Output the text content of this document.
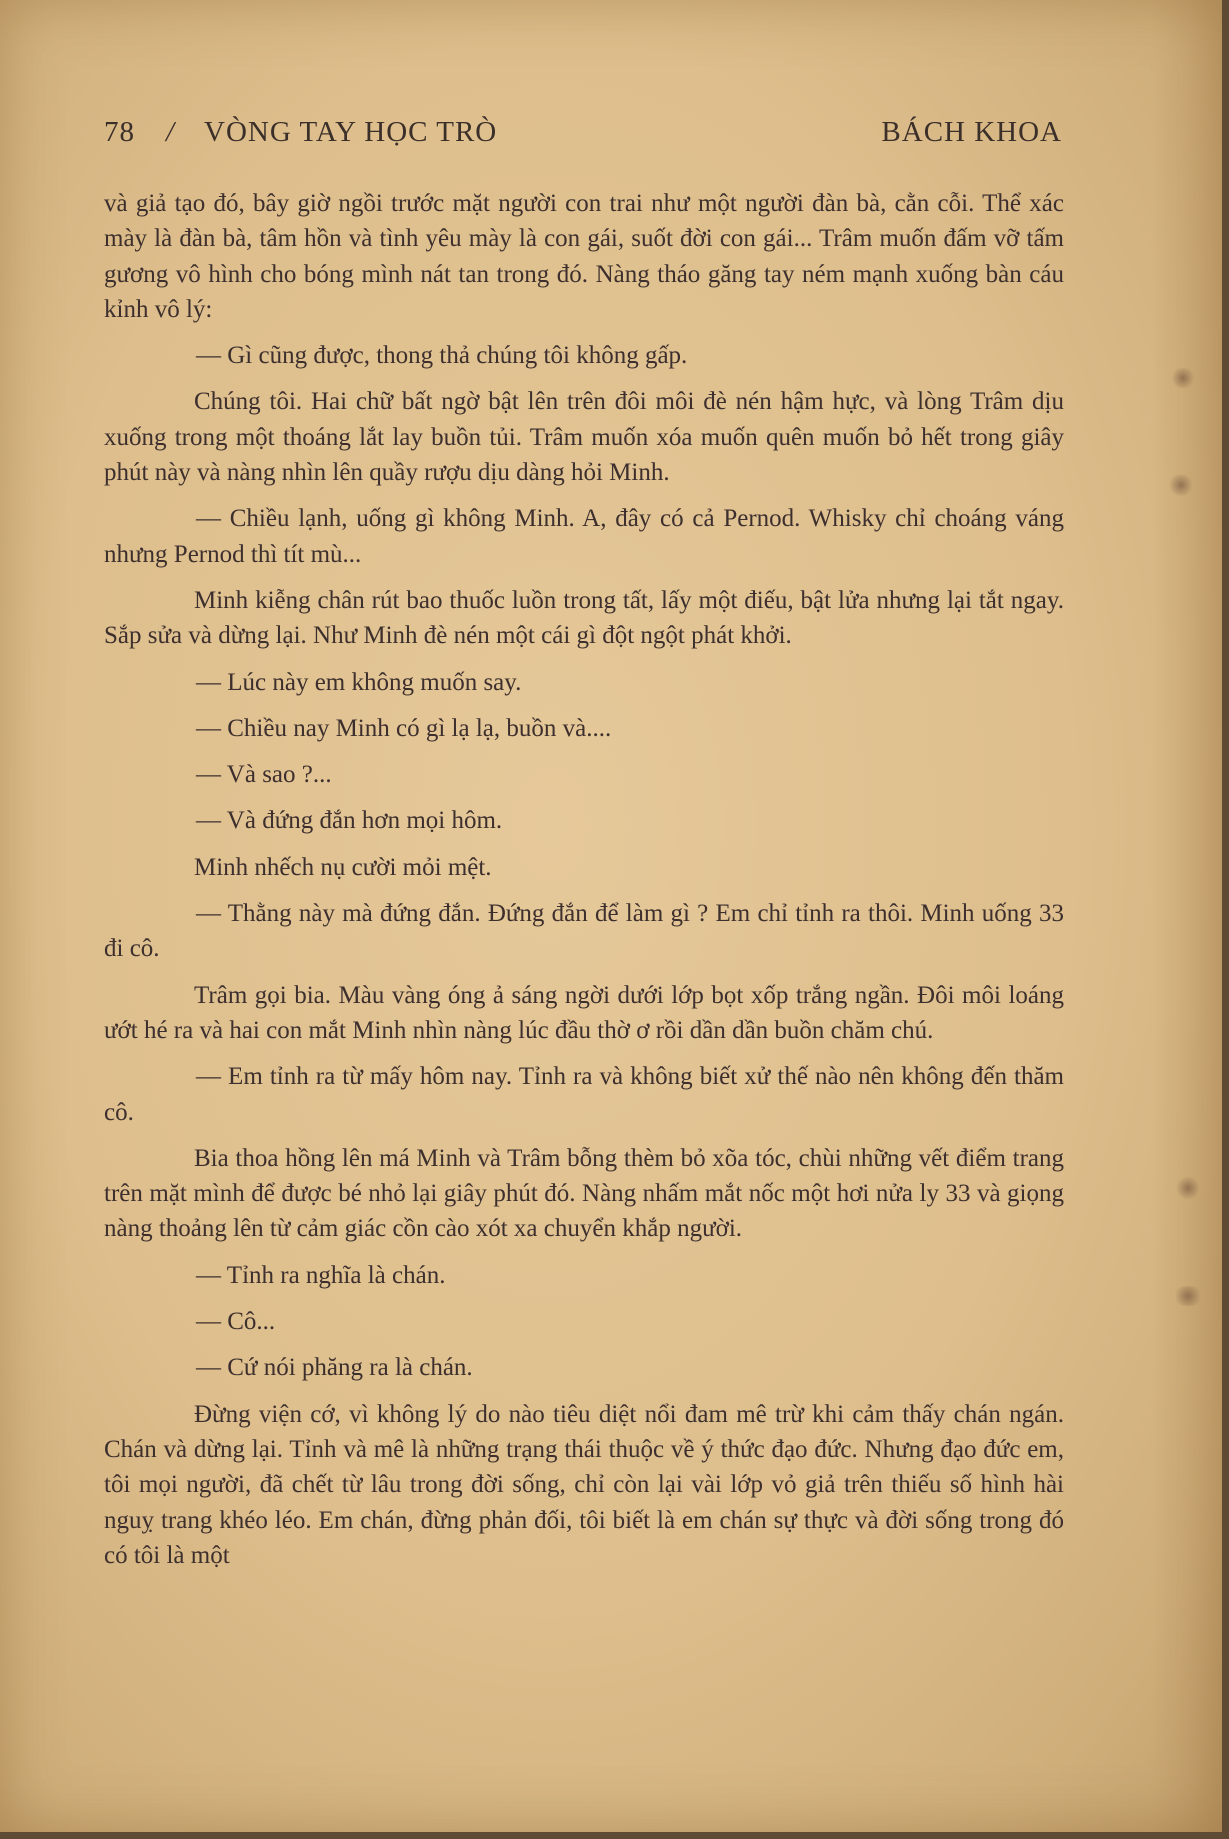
78 / VÒNG TAY HỌC TRÒ	BÁCH KHOA

và giả tạo đó, bây giờ ngồi trước mặt người con trai như một người đàn bà, cằn cỗi. Thể xác mày là đàn bà, tâm hồn và tình yêu mày là con gái, suốt đời con gái... Trâm muốn đấm vỡ tấm gương vô hình cho bóng mình nát tan trong đó. Nàng tháo găng tay ném mạnh xuống bàn cáu kỉnh vô lý:

— Gì cũng được, thong thả chúng tôi không gấp.

Chúng tôi. Hai chữ bất ngờ bật lên trên đôi môi đè nén hậm hực, và lòng Trâm dịu xuống trong một thoáng lắt lay buồn tủi. Trâm muốn xóa muốn quên muốn bỏ hết trong giây phút này và nàng nhìn lên quầy rượu dịu dàng hỏi Minh.

— Chiều lạnh, uống gì không Minh. A, đây có cả Pernod. Whisky chỉ choáng váng nhưng Pernod thì tít mù...

Minh kiễng chân rút bao thuốc luồn trong tất, lấy một điếu, bật lửa nhưng lại tắt ngay. Sắp sửa và dừng lại. Như Minh đè nén một cái gì đột ngột phát khởi.

— Lúc này em không muốn say.

— Chiều nay Minh có gì lạ lạ, buồn và....

— Và sao ?...

— Và đứng đắn hơn mọi hôm.

Minh nhếch nụ cười mỏi mệt.

— Thằng này mà đứng đắn. Đứng đắn để làm gì ? Em chỉ tỉnh ra thôi. Minh uống 33 đi cô.

Trâm gọi bia. Màu vàng óng ả sáng ngời dưới lớp bọt xốp trắng ngần. Đôi môi loáng ướt hé ra và hai con mắt Minh nhìn nàng lúc đầu thờ ơ rồi dần dần buồn chăm chú.

— Em tỉnh ra từ mấy hôm nay. Tỉnh ra và không biết xử thế nào nên không đến thăm cô.

Bia thoa hồng lên má Minh và Trâm bỗng thèm bỏ xõa tóc, chùi những vết điểm trang trên mặt mình để được bé nhỏ lại giây phút đó. Nàng nhấm mắt nốc một hơi nửa ly 33 và giọng nàng thoảng lên từ cảm giác cồn cào xót xa chuyển khắp người.

— Tỉnh ra nghĩa là chán.

— Cô...

— Cứ nói phăng ra là chán.

Đừng viện cớ, vì không lý do nào tiêu diệt nổi đam mê trừ khi cảm thấy chán ngán. Chán và dừng lại. Tỉnh và mê là những trạng thái thuộc về ý thức đạo đức. Nhưng đạo đức em, tôi mọi người, đã chết từ lâu trong đời sống, chỉ còn lại vài lớp vỏ giả trên thiếu số hình hài nguỵ trang khéo léo. Em chán, đừng phản đối, tôi biết là em chán sự thực và đời sống trong đó có tôi là một
